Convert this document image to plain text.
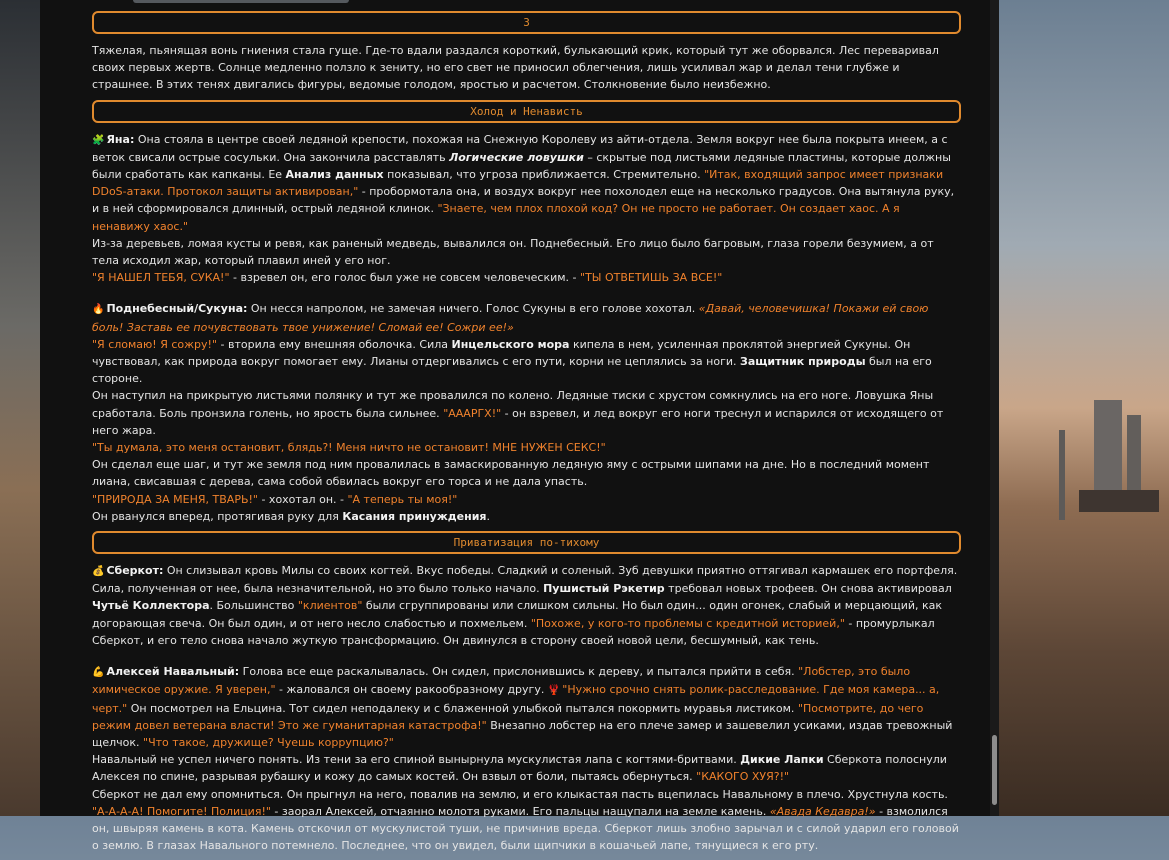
3

Тяжелая, пьянящая вонь гниения стала гуще. Где-то вдали раздался короткий, булькающий крик, который тут же оборвался. Лес переваривал своих первых жертв. Солнце медленно ползло к зениту, но его свет не приносил облегчения, лишь усиливал жар и делал тени глубже и страшнее. В этих тенях двигались фигуры, ведомые голодом, яростью и расчетом. Столкновение было неизбежно.

Холод и Ненависть

🧩 Яна: Она стояла в центре своей ледяной крепости, похожая на Снежную Королеву из айти-отдела. Земля вокруг нее была покрыта инеем, а с веток свисали острые сосульки. Она закончила расставлять Логические ловушки – скрытые под листьями ледяные пластины, которые должны были сработать как капканы. Ее Анализ данных показывал, что угроза приближается. Стремительно. "Итак, входящий запрос имеет признаки DDoS-атаки. Протокол защиты активирован," - пробормотала она, и воздух вокруг нее похолодел еще на несколько градусов. Она вытянула руку, и в ней сформировался длинный, острый ледяной клинок. "Знаете, чем плох плохой код? Он не просто не работает. Он создает хаос. А я ненавижу хаос."
Из-за деревьев, ломая кусты и ревя, как раненый медведь, вывалился он. Поднебесный. Его лицо было багровым, глаза горели безумием, а от тела исходил жар, который плавил иней у его ног.
"Я НАШЕЛ ТЕБЯ, СУКА!" - взревел он, его голос был уже не совсем человеческим. - "ТЫ ОТВЕТИШЬ ЗА ВСЕ!"

🔥 Поднебесный/Сукуна: Он несся напролом, не замечая ничего. Голос Сукуны в его голове хохотал. «Давай, человечишка! Покажи ей свою боль! Заставь ее почувствовать твое унижение! Сломай ее! Сожри ее!»
"Я сломаю! Я сожру!" - вторила ему внешняя оболочка. Сила Инцельского мора кипела в нем, усиленная проклятой энергией Сукуны. Он чувствовал, как природа вокруг помогает ему. Лианы отдергивались с его пути, корни не цеплялись за ноги. Защитник природы был на его стороне.
Он наступил на прикрытую листьями полянку и тут же провалился по колено. Ледяные тиски с хрустом сомкнулись на его ноге. Ловушка Яны сработала. Боль пронзила голень, но ярость была сильнее. "АААРГХ!" - он взревел, и лед вокруг его ноги треснул и испарился от исходящего от него жара.
"Ты думала, это меня остановит, блядь?! Меня ничто не остановит! МНЕ НУЖЕН СЕКС!"
Он сделал еще шаг, и тут же земля под ним провалилась в замаскированную ледяную яму с острыми шипами на дне. Но в последний момент лиана, свисавшая с дерева, сама собой обвилась вокруг его торса и не дала упасть.
"ПРИРОДА ЗА МЕНЯ, ТВАРЬ!" - хохотал он. - "А теперь ты моя!"
Он рванулся вперед, протягивая руку для Касания принуждения.

Приватизация по-тихому

💰 Сберкот: Он слизывал кровь Милы со своих когтей. Вкус победы. Сладкий и соленый. Зуб девушки приятно оттягивал кармашек его портфеля. Сила, полученная от нее, была незначительной, но это было только начало. Пушистый Рэкетир требовал новых трофеев. Он снова активировал Чутьё Коллектора. Большинство "клиентов" были сгруппированы или слишком сильны. Но был один... один огонек, слабый и мерцающий, как догорающая свеча. Он был один, и от него несло слабостью и похмельем. "Похоже, у кого-то проблемы с кредитной историей," - промурлыкал Сберкот, и его тело снова начало жуткую трансформацию. Он двинулся в сторону своей новой цели, бесшумный, как тень.

💪 Алексей Навальный: Голова все еще раскалывалась. Он сидел, прислонившись к дереву, и пытался прийти в себя. "Лобстер, это было химическое оружие. Я уверен," - жаловался он своему ракообразному другу. 🦞 "Нужно срочно снять ролик-расследование. Где моя камера... а, черт." Он посмотрел на Ельцина. Тот сидел неподалеку и с блаженной улыбкой пытался покормить муравья листиком. "Посмотрите, до чего режим довел ветерана власти! Это же гуманитарная катастрофа!" Внезапно лобстер на его плече замер и зашевелил усиками, издав тревожный щелчок. "Что такое, дружище? Чуешь коррупцию?"
Навальный не успел ничего понять. Из тени за его спиной вынырнула мускулистая лапа с когтями-бритвами. Дикие Лапки Сберкота полоснули Алексея по спине, разрывая рубашку и кожу до самых костей. Он взвыл от боли, пытаясь обернуться. "КАКОГО ХУЯ?!"
Сберкот не дал ему опомниться. Он прыгнул на него, повалив на землю, и его клыкастая пасть вцепилась Навальному в плечо. Хрустнула кость.
"А-А-А-А! Помогите! Полиция!" - заорал Алексей, отчаянно молотя руками. Его пальцы нащупали на земле камень. «Авада Кедавра!» - взмолился он, швыряя камень в кота. Камень отскочил от мускулистой туши, не причинив вреда. Сберкот лишь злобно зарычал и с силой ударил его головой о землю. В глазах Навального потемнело. Последнее, что он увидел, были щипчики в кошачьей лапе, тянущиеся к его рту.
